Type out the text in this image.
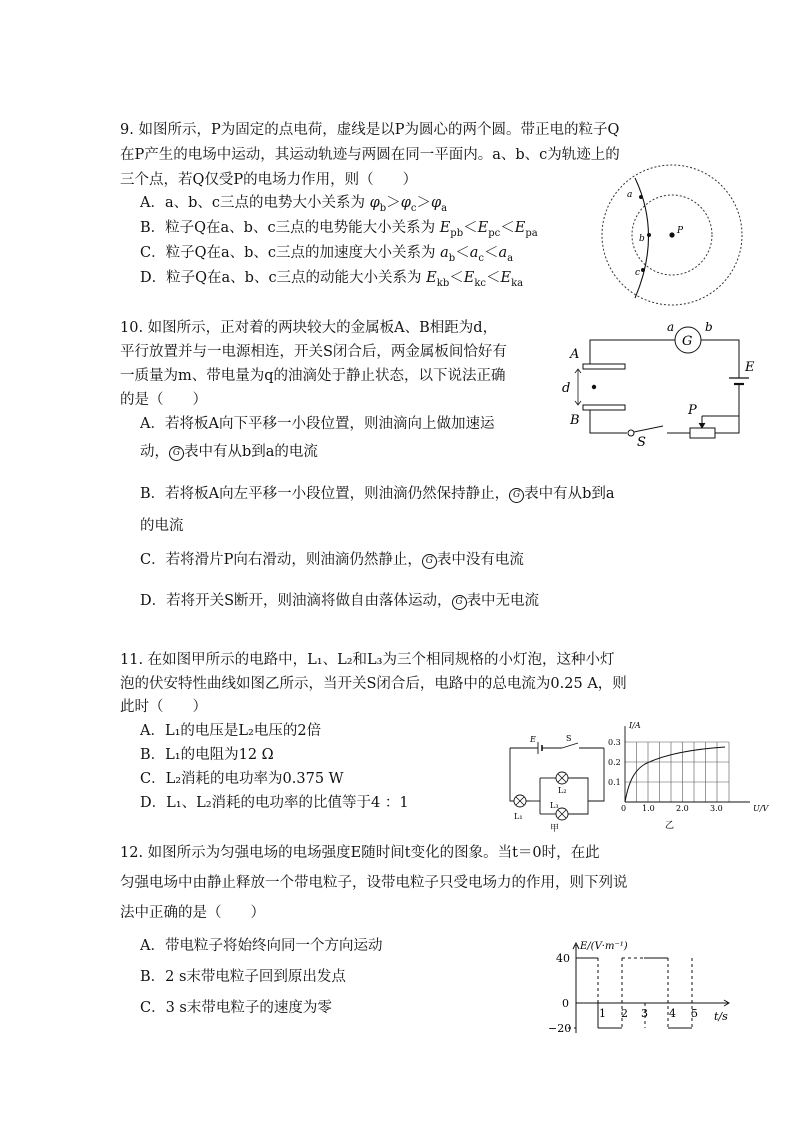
9. 如图所示，P为固定的点电荷，虚线是以P为圆心的两个圆。带正电的粒子Q
在P产生的电场中运动，其运动轨迹与两圆在同一平面内。a、b、c为轨迹上的
三个点，若Q仅受P的电场力作用，则（　　）
A．a、b、c三点的电势大小关系为 $\varphi_b>\varphi_c>\varphi_a$
B．粒子Q在a、b、c三点的电势能大小关系为 $E_{pb}<E_{pc}<E_{pa}$
C．粒子Q在a、b、c三点的加速度大小关系为 $a_b<a_c<a_a$
D．粒子Q在a、b、c三点的动能大小关系为 $E_{kb}<E_{kc}<E_{ka}$
P
a
b
c
10. 如图所示，正对着的两块较大的金属板A、B相距为d，
平行放置并与一电源相连，开关S闭合后，两金属板间恰好有
一质量为m、带电量为q的油滴处于静止状态，以下说法正确
的是（　　）
A．若将板A向下平移一小段位置，则油滴向上做加速运
动， G 表中有从b到a的电流
B．若将板A向左平移一小段位置，则油滴仍然保持静止， G 表中有从b到a
的电流
C．若将滑片P向右滑动，则油滴仍然静止， G 表中没有电流
D．若将开关S断开，则油滴将做自由落体运动， G 表中无电流
G
a	b
A
B
d
E
P
S
11. 在如图甲所示的电路中，L₁、L₂和L₃为三个相同规格的小灯泡，这种小灯
泡的伏安特性曲线如图乙所示，当开关S闭合后，电路中的总电流为0.25 A，则
此时（　　）
A．L₁的电压是L₂电压的2倍
B．L₁的电阻为12 Ω
C．L₂消耗的电功率为0.375 W
D．L₁、L₂消耗的电功率的比值等于4 ：1
E	S
L₁
L₂
L₃
甲
I/A
U/V
0.3
0.2
0.1
0 1.0	2.0	3.0
乙
12. 如图所示为匀强电场的电场强度E随时间t变化的图象。当t＝0时，在此
匀强电场中由静止释放一个带电粒子，设带电粒子只受电场力的作用，则下列说
法中正确的是（　　）
A．带电粒子将始终向同一个方向运动
B．2 s末带电粒子回到原出发点
C．3 s末带电粒子的速度为零
E/(V·m⁻¹)
t/s
40
0
−20
1 2 3 4 5
